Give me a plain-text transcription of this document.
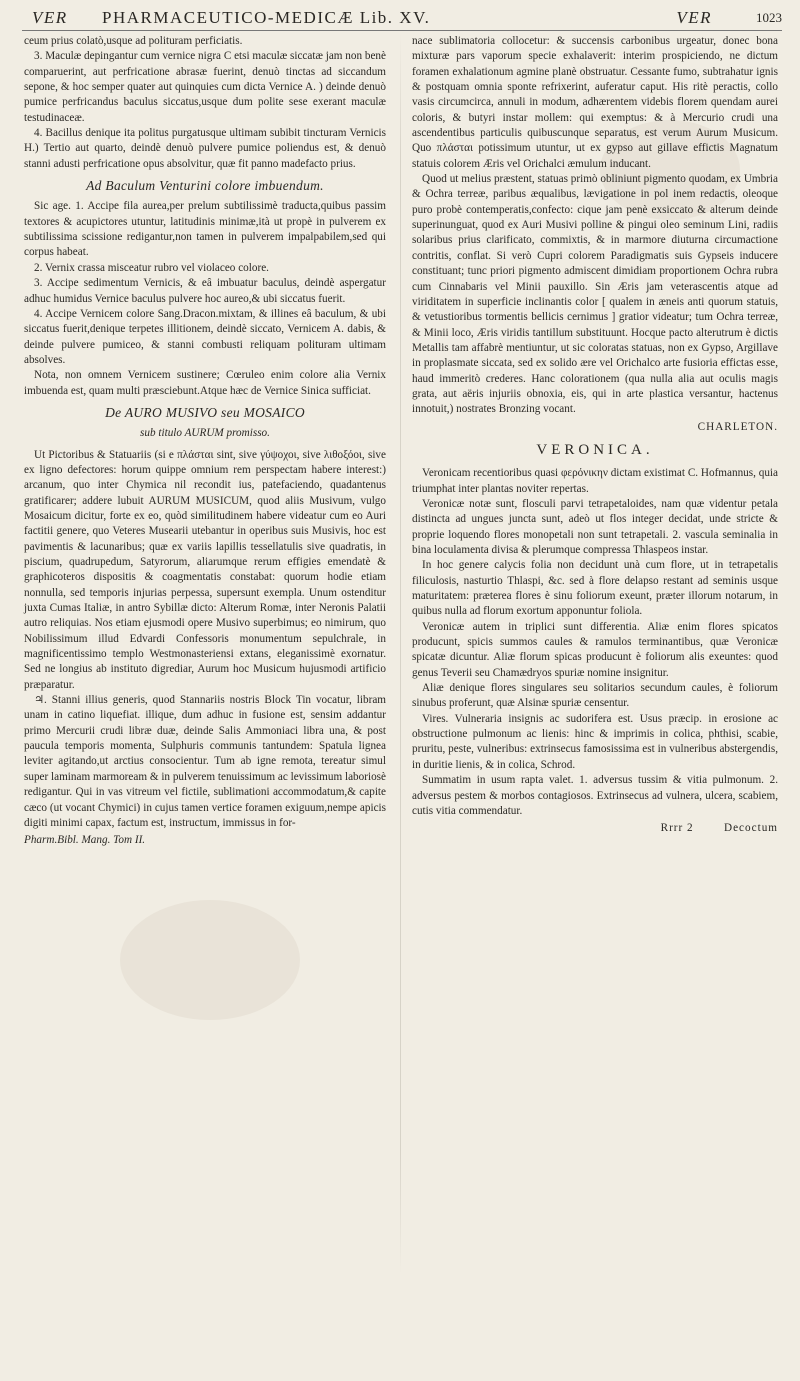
VER PHARMACEUTICO-MEDICÆ Lib. XV.	VER	1023

ceum prius colatò,usque ad polituram perficiatis.

3. Maculæ depingantur cum vernice nigra C etsi maculæ siccatæ jam non benè comparuerint, aut perfricatione abrasæ fuerint, denuò tinctas ad siccandum sepone, & hoc semper quater aut quinquies cum dicta Vernice A. ) deinde denuò pumice perfricandus baculus siccatus,usque dum polite sese exerant maculæ testudinaceæ.

4. Bacillus denique ita politus purgatusque ultimam subibit tincturam Vernicis H.) Tertio aut quarto, deindè denuò pulvere pumice poliendus est, & denuò stanni adusti perfricatione opus absolvitur, quæ fit panno madefacto prius.

Ad Baculum Venturini colore imbuendum.

Sic age. 1. Accipe fila aurea,per prelum subtilissimè traducta,quibus passim textores & acupictores utuntur, latitudinis minimæ,ità ut propè in pulverem ex subtilissima scissione redigantur,non tamen in pulverem impalpabilem,sed qui corpus habeat.

2. Vernix crassa misceatur rubro vel violaceo colore.

3. Accipe sedimentum Vernicis, & eâ imbuatur baculus, deindè aspergatur adhuc humidus Vernice baculus pulvere hoc aureo,& ubi siccatus fuerit.

4. Accipe Vernicem colore Sang.Dracon.mixtam, & illines eâ baculum, & ubi siccatus fuerit,denique terpetes illitionem, deindè siccato, Vernicem A. dabis, & deinde pulvere pumiceo, & stanni combusti reliquam polituram ultimam absolves.

Nota, non omnem Vernicem sustinere; Cœruleo enim colore alia Vernix imbuenda est, quam multi præsciebunt.Atque hæc de Vernice Sinica sufficiat.

De AURO MUSIVO seu MOSAICO
sub titulo AURUM promisso.

Ut Pictoribus & Statuariis (si e πλάσται sint, sive γύψοχοι, sive λιθοξόοι, sive ex ligno defectores: horum quippe omnium rem perspectam habere interest:) arcanum, quo inter Chymica nil recondit ius, patefaciendo, quadantenus gratificarer; addere lubuit AURUM MUSICUM, quod aliis Musivum, vulgo Mosaicum dicitur, forte ex eo, quòd similitudinem habere videatur cum eo Auri factitii genere, quo Veteres Musearii utebantur in operibus suis Musivis, hoc est pavimentis & lacunaribus; quæ ex variis lapillis tessellatulis sive quadratis, in piscium, quadrupedum, Satyrorum, aliarumque rerum effigies emendatè & graphicoteros dispositis & coagmentatis constabat: quorum hodie etiam nonnulla, sed temporis injurias perpessa, supersunt exempla. Unum ostenditur juxta Cumas Italiæ, in antro Sybillæ dicto: Alterum Romæ, inter Neronis Palatii autro reliquias. Nos etiam ejusmodi opere Musivo superbimus; eo nimirum, quo Nobilissimum illud Edvardi Confessoris monumentum sepulchrale, in magnificentissimo templo Westmonasteriensi extans, eleganissimè exornatur. Sed ne longius ab instituto digrediar, Aurum hoc Musicum hujusmodi artificio præparatur.

♃. Stanni illius generis, quod Stannariis nostris Block Tin vocatur, libram unam in catino liquefiat. illique, dum adhuc in fusione est, sensim addantur primo Mercurii crudi libræ duæ, deinde Salis Ammoniaci libra una, & post paucula temporis momenta, Sulphuris communis tantundem: Spatula lignea leviter agitando,ut arctius consocientur. Tum ab igne remota, tereatur simul super laminam marmoream & in pulverem tenuissimum ac levissimum laboriosè redigantur. Qui in vas vitreum vel fictile, sublimationi accommodatum,& capite cæco (ut vocant Chymici) in cujus tamen vertice foramen exiguum,nempe apicis digiti minimi capax, factum est, instructum, immissus in for-

Pharm.Bibl. Mang. Tom II.

nace sublimatoria collocetur: & succensis carbonibus urgeatur, donec bona mixturæ pars vaporum specie exhalaverit: interim prospiciendo, ne dictum foramen exhalationum agmine planè obstruatur. Cessante fumo, subtrahatur ignis & postquam omnia sponte refrixerint, auferatur caput. His ritè peractis, collo vasis circumcirca, annuli in modum, adhærentem videbis florem quendam aurei coloris, & butyri instar mollem: qui exemptus: & à Mercurio crudi una ascendentibus particulis quibuscunque separatus, est verum Aurum Musicum. Quo πλάσται potissimum utuntur, ut ex gypso aut gillave effictis Magnatum statuis colorem Æris vel Orichalci æmulum inducant.

Quod ut melius præstent, statuas primò obliniunt pigmento quodam, ex Umbria & Ochra terreæ, paribus æqualibus, lævigatione in pol inem redactis, oleoque puro probè contemperatis,confecto: cique jam penè exsiccato & alterum deinde superinunguat, quod ex Auri Musivi polline & pingui oleo seminum Lini, radiis solaribus prius clarificato, commixtis, & in marmore diuturna circumactione contritis, conflat. Si verò Cupri colorem Paradigmatis suis Gypseis inducere constituant; tunc priori pigmento admiscent dimidiam proportionem Ochra rubra cum Cinnabaris vel Minii pauxillo. Sin Æris jam veterascentis atque ad viriditatem in superficie inclinantis color [ qualem in æneis anti quorum statuis, & vetustioribus tormentis bellicis cernimus ] gratior videatur; tum Ochra terreæ, & Minii loco, Æris viridis tantillum substituunt. Hocque pacto alterutrum è dictis Metallis tam affabrè mentiuntur, ut sic coloratas statuas, non ex Gypso, Argillave in proplasmate siccata, sed ex solido ære vel Orichalco arte fusioria effictas esse, haud immeritò crederes. Hanc colorationem (qua nulla alia aut oculis magis grata, aut aëris injuriis obnoxia, eis, qui in arte plastica versantur, hactenus innotuit,) nostrates Bronzing vocant.

CHARLETON.
VERONICA.

Veronicam recentioribus quasi φερόνικην dictam existimat C. Hofmannus, quia triumphat inter plantas noviter repertas.

Veronicæ notæ sunt, flosculi parvi tetrapetaloides, nam quæ videntur petala distincta ad ungues juncta sunt, adeò ut flos integer decidat, unde stricte & proprie loquendo flores monopetali non sunt tetrapetali. 2. vascula seminalia in bina loculamenta divisa & plerumque compressa Thlaspeos instar.

In hoc genere calycis folia non decidunt unà cum flore, ut in tetrapetalis filiculosis, nasturtio Thlaspi, &c. sed à flore delapso restant ad seminis usque maturitatem: præterea flores è sinu foliorum exeunt, præter illorum notarum, in quibus nulla ad florum exortum apponuntur foliola.

Veronicæ autem in triplici sunt differentia. Aliæ enim flores spicatos producunt, spicis summos caules & ramulos terminantibus, quæ Veronicæ spicatæ dicuntur. Aliæ florum spicas producunt è foliorum alis exeuntes: quod genus Teverii seu Chamædryos spuriæ nomine insignitur.

Aliæ denique flores singulares seu solitarios secundum caules, è foliorum sinubus proferunt, quæ Alsinæ spuriæ censentur.

Vires. Vulneraria insignis ac sudorifera est. Usus præcip. in erosione ac obstructione pulmonum ac lienis: hinc & imprimis in colica, phthisi, scabie, pruritu, peste, vulneribus: extrinsecus famosissima est in vulneribus abstergendis, in duritie lienis, & in colica, Schrod.

Summatim in usum rapta valet. 1. adversus tussim & vitia pulmonum. 2. adversus pestem & morbos contagiosos. Extrinsecus ad vulnera, ulcera, scabiem, cutis vitia commendatur.

Rrrr 2	Decoctum
